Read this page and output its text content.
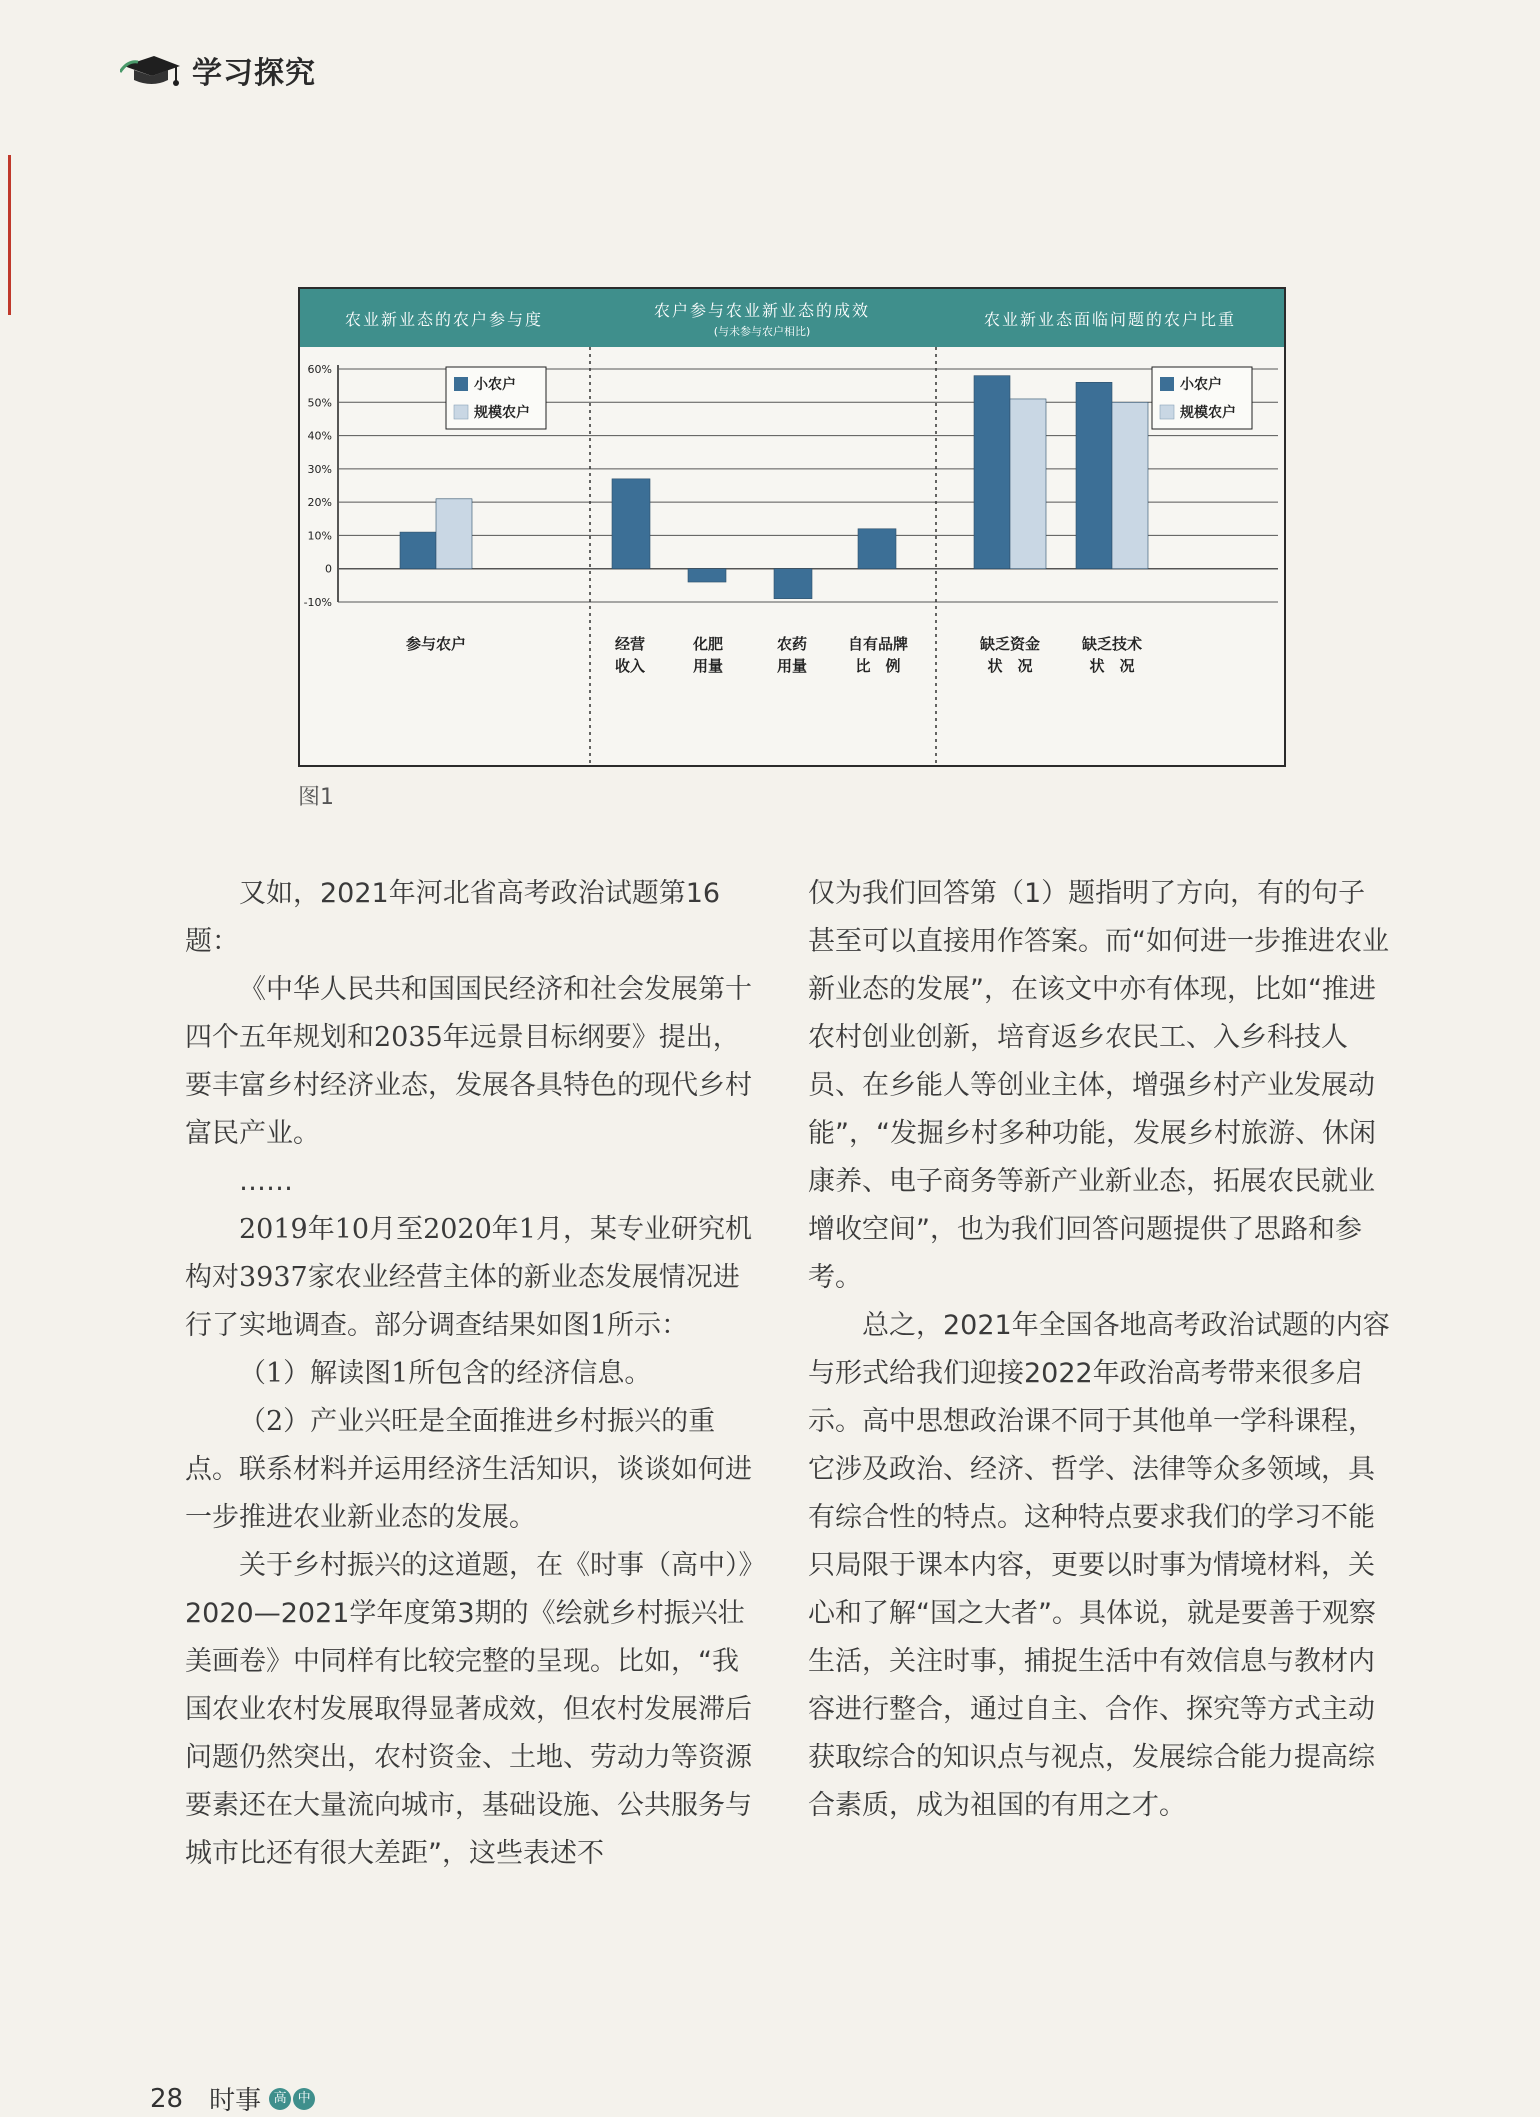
学习探究
农业新业态的农户参与度	农户参与农业新业态的成效
(与未参与农户相比)
农业新业态面临问题的农户比重
60%
50%
40%
30%
20%
10%
0
-10%
参与农户	经营
收入
化肥
用量
农药
用量
自有品牌
比　例
缺乏资金
状　况
缺乏技术
状　况
小农户
规模农户
小农户
规模农户
图1

又如，2021年河北省高考政治试题第16题：

《中华人民共和国国民经济和社会发展第十四个五年规划和2035年远景目标纲要》提出，要丰富乡村经济业态，发展各具特色的现代乡村富民产业。

……

2019年10月至2020年1月，某专业研究机构对3937家农业经营主体的新业态发展情况进行了实地调查。部分调查结果如图1所示：

（1）解读图1所包含的经济信息。

（2）产业兴旺是全面推进乡村振兴的重点。联系材料并运用经济生活知识，谈谈如何进一步推进农业新业态的发展。

关于乡村振兴的这道题，在《时事（高中）》2020—2021学年度第3期的《绘就乡村振兴壮美画卷》中同样有比较完整的呈现。比如，“我国农业农村发展取得显著成效，但农村发展滞后问题仍然突出，农村资金、土地、劳动力等资源要素还在大量流向城市，基础设施、公共服务与城市比还有很大差距”，这些表述不

仅为我们回答第（1）题指明了方向，有的句子甚至可以直接用作答案。而“如何进一步推进农业新业态的发展”，在该文中亦有体现，比如“推进农村创业创新，培育返乡农民工、入乡科技人员、在乡能人等创业主体，增强乡村产业发展动能”，“发掘乡村多种功能，发展乡村旅游、休闲康养、电子商务等新产业新业态，拓展农民就业增收空间”，也为我们回答问题提供了思路和参考。

总之，2021年全国各地高考政治试题的内容与形式给我们迎接2022年政治高考带来很多启示。高中思想政治课不同于其他单一学科课程，它涉及政治、经济、哲学、法律等众多领域，具有综合性的特点。这种特点要求我们的学习不能只局限于课本内容，更要以时事为情境材料，关心和了解“国之大者”。具体说，就是要善于观察生活，关注时事，捕捉生活中有效信息与教材内容进行整合，通过自主、合作、探究等方式主动获取综合的知识点与视点，发展综合能力提高综合素质，成为祖国的有用之才。

28 时事 高 中
